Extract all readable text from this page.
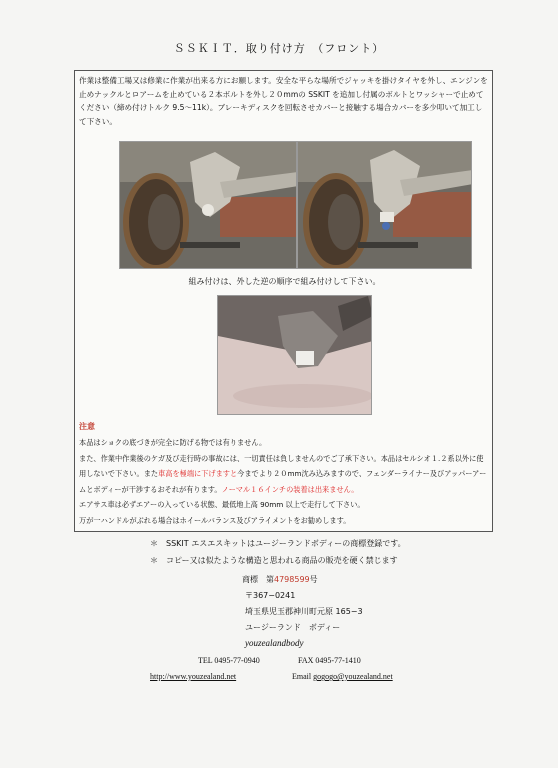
ＳＳＫＩＴ．取り付け方　（フロント）
作業は整備工場又は修業に作業が出来る方にお願します。安全な平らな場所でジャッキを掛けタイヤを外し、エンジンを止めナックルとロアームを止めている２本ボルトを外し２０mmの SSKIT を追加し付属のボルトとワッシャーで止めてください（締め付けトルク 9.5〜11k）。ブレーキディスクを回転させカバーと接触する場合カバーを多少叩いて加工して下さい。
組み付けは、外した逆の順序で組み付けして下さい。
注意
本品はショクの底づきが完全に防げる物では有りません。
また、作業中作業後のケガ及び走行時の事故には、一切責任は負しませんのでご了承下さい。本品はセルシオ１.２系以外に使用しないで下さい。また車高を極端に下げますと今までより２０mm沈み込みますので、フェンダーライナー及びアッパーアームとボディーが干渉するおそれが有ります。ノーマル１６インチの装着は出来ません。
エアサス車は必ずエアーの入っている状態、最低地上高 90mm 以上で走行して下さい。
万が一ハンドルがぶれる場合はホイールバランス及びアライメントをお勧めします。
＊　SSKIT エスエスキットはユージーランドボディーの商標登録です。
＊　コピー又は似たような構造と思われる商品の販売を硬く禁じます
商標　第4798599号
〒367−0241
埼玉県児玉郡神川町元原 165−3
ユージーランド　ボディー
youzealandbody
TEL 0495-77-0940	FAX 0495-77-1410
http://www.youzealand.net	Email gogogo@youzealand.net
